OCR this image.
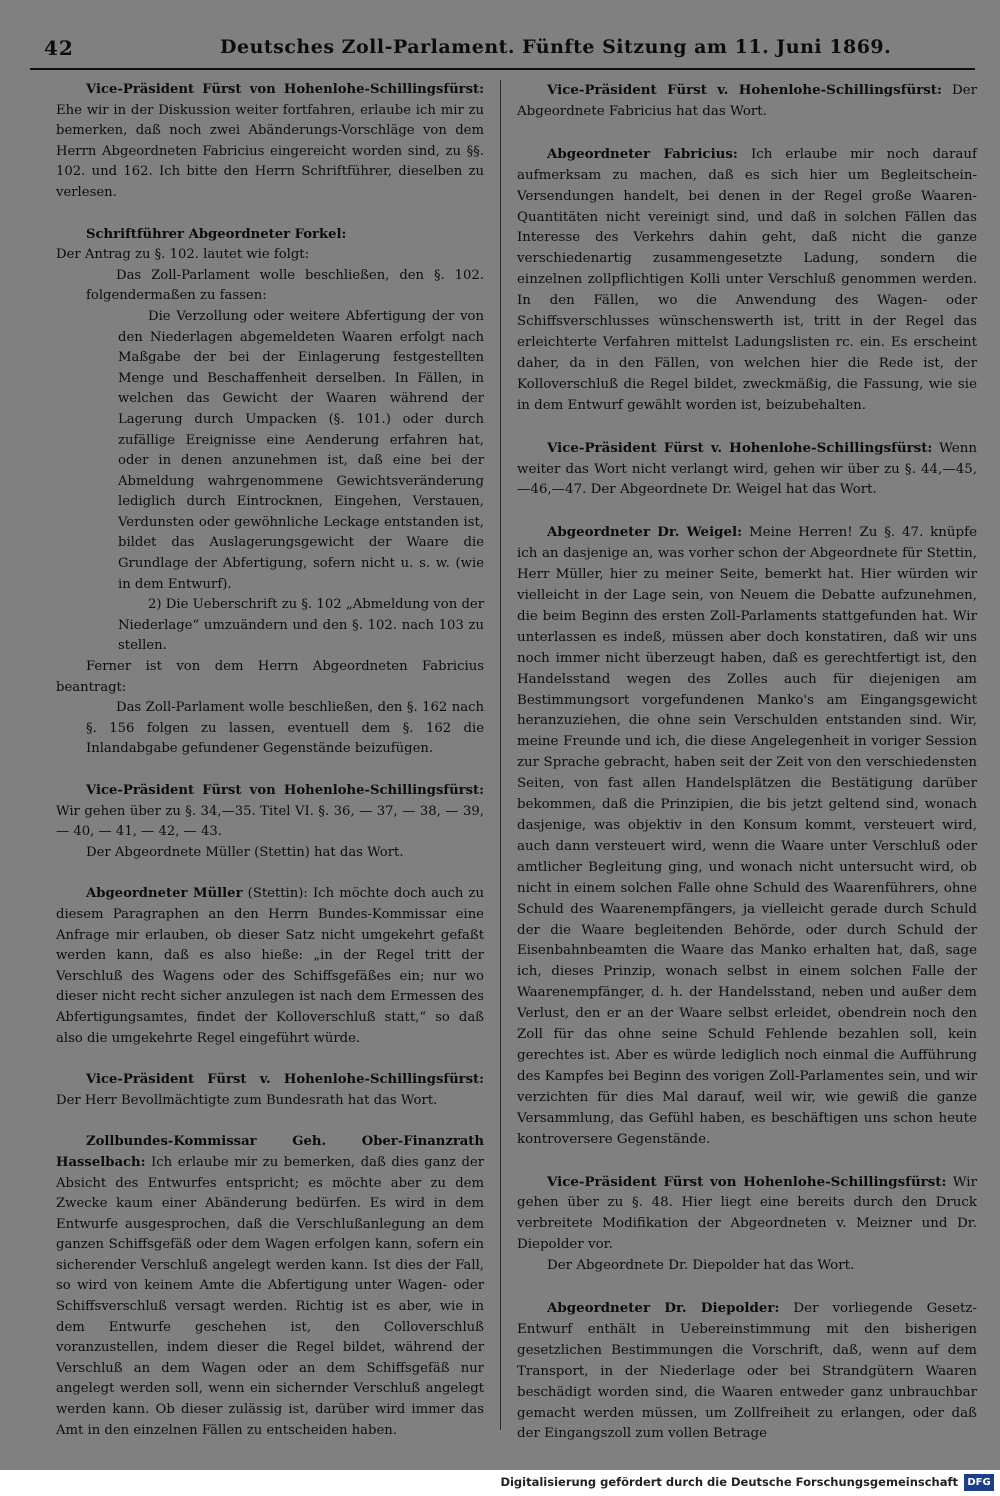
42	Deutsches Zoll-Parlament. Fünfte Sitzung am 11. Juni 1869.

Vice-Präsident Fürst von Hohenlohe-Schillingsfürst: Ehe wir in der Diskussion weiter fortfahren, erlaube ich mir zu bemerken, daß noch zwei Abänderungs-Vorschläge von dem Herrn Abgeordneten Fabricius eingereicht worden sind, zu §§. 102. und 162. Ich bitte den Herrn Schriftführer, dieselben zu verlesen.

Schriftführer Abgeordneter Forkel:

Der Antrag zu §. 102. lautet wie folgt:

Das Zoll-Parlament wolle beschließen, den §. 102. folgendermaßen zu fassen:

Die Verzollung oder weitere Abfertigung der von den Niederlagen abgemeldeten Waaren erfolgt nach Maßgabe der bei der Einlagerung festgestellten Menge und Beschaffenheit derselben. In Fällen, in welchen das Gewicht der Waaren während der Lagerung durch Umpacken (§. 101.) oder durch zufällige Ereignisse eine Aenderung erfahren hat, oder in denen anzunehmen ist, daß eine bei der Abmeldung wahrgenommene Gewichtsveränderung lediglich durch Eintrocknen, Eingehen, Verstauen, Verdunsten oder gewöhnliche Leckage entstanden ist, bildet das Auslagerungsgewicht der Waare die Grundlage der Abfertigung, sofern nicht u. s. w. (wie in dem Entwurf).

2) Die Ueberschrift zu §. 102 „Abmeldung von der Niederlage“ umzuändern und den §. 102. nach 103 zu stellen.

Ferner ist von dem Herrn Abgeordneten Fabricius beantragt:

Das Zoll-Parlament wolle beschließen, den §. 162 nach §. 156 folgen zu lassen, eventuell dem §. 162 die Inlandabgabe gefundener Gegenstände beizufügen.

Vice-Präsident Fürst von Hohenlohe-Schillingsfürst: Wir gehen über zu §. 34,—35. Titel VI. §. 36, — 37, — 38, — 39, — 40, — 41, — 42, — 43.

Der Abgeordnete Müller (Stettin) hat das Wort.

Abgeordneter Müller (Stettin): Ich möchte doch auch zu diesem Paragraphen an den Herrn Bundes-Kommissar eine Anfrage mir erlauben, ob dieser Satz nicht umgekehrt gefaßt werden kann, daß es also hieße: „in der Regel tritt der Verschluß des Wagens oder des Schiffsgefäßes ein; nur wo dieser nicht recht sicher anzulegen ist nach dem Ermessen des Abfertigungsamtes, findet der Kolloverschluß statt,“ so daß also die umgekehrte Regel eingeführt würde.

Vice-Präsident Fürst v. Hohenlohe-Schillingsfürst: Der Herr Bevollmächtigte zum Bundesrath hat das Wort.

Zollbundes-Kommissar Geh. Ober-Finanzrath Hasselbach: Ich erlaube mir zu bemerken, daß dies ganz der Absicht des Entwurfes entspricht; es möchte aber zu dem Zwecke kaum einer Abänderung bedürfen. Es wird in dem Entwurfe ausgesprochen, daß die Verschlußanlegung an dem ganzen Schiffsgefäß oder dem Wagen erfolgen kann, sofern ein sicherender Verschluß angelegt werden kann. Ist dies der Fall, so wird von keinem Amte die Abfertigung unter Wagen- oder Schiffsverschluß versagt werden. Richtig ist es aber, wie in dem Entwurfe geschehen ist, den Colloverschluß voranzustellen, indem dieser die Regel bildet, während der Verschluß an dem Wagen oder an dem Schiffsgefäß nur angelegt werden soll, wenn ein sichernder Verschluß angelegt werden kann. Ob dieser zulässig ist, darüber wird immer das Amt in den einzelnen Fällen zu entscheiden haben.

Vice-Präsident Fürst v. Hohenlohe-Schillingsfürst: Der Abgeordnete Fabricius hat das Wort.

Abgeordneter Fabricius: Ich erlaube mir noch darauf aufmerksam zu machen, daß es sich hier um Begleitschein-Versendungen handelt, bei denen in der Regel große Waaren-Quantitäten nicht vereinigt sind, und daß in solchen Fällen das Interesse des Verkehrs dahin geht, daß nicht die ganze verschiedenartig zusammengesetzte Ladung, sondern die einzelnen zollpflichtigen Kolli unter Verschluß genommen werden. In den Fällen, wo die Anwendung des Wagen- oder Schiffsverschlusses wünschenswerth ist, tritt in der Regel das erleichterte Verfahren mittelst Ladungslisten rc. ein. Es erscheint daher, da in den Fällen, von welchen hier die Rede ist, der Kolloverschluß die Regel bildet, zweckmäßig, die Fassung, wie sie in dem Entwurf gewählt worden ist, beizubehalten.

Vice-Präsident Fürst v. Hohenlohe-Schillingsfürst: Wenn weiter das Wort nicht verlangt wird, gehen wir über zu §. 44,—45,—46,—47. Der Abgeordnete Dr. Weigel hat das Wort.

Abgeordneter Dr. Weigel: Meine Herren! Zu §. 47. knüpfe ich an dasjenige an, was vorher schon der Abgeordnete für Stettin, Herr Müller, hier zu meiner Seite, bemerkt hat. Hier würden wir vielleicht in der Lage sein, von Neuem die Debatte aufzunehmen, die beim Beginn des ersten Zoll-Parlaments stattgefunden hat. Wir unterlassen es indeß, müssen aber doch konstatiren, daß wir uns noch immer nicht überzeugt haben, daß es gerechtfertigt ist, den Handelsstand wegen des Zolles auch für diejenigen am Bestimmungsort vorgefundenen Manko's am Eingangsgewicht heranzuziehen, die ohne sein Verschulden entstanden sind. Wir, meine Freunde und ich, die diese Angelegenheit in voriger Session zur Sprache gebracht, haben seit der Zeit von den verschiedensten Seiten, von fast allen Handelsplätzen die Bestätigung darüber bekommen, daß die Prinzipien, die bis jetzt geltend sind, wonach dasjenige, was objektiv in den Konsum kommt, versteuert wird, auch dann versteuert wird, wenn die Waare unter Verschluß oder amtlicher Begleitung ging, und wonach nicht untersucht wird, ob nicht in einem solchen Falle ohne Schuld des Waarenführers, ohne Schuld des Waarenempfängers, ja vielleicht gerade durch Schuld der die Waare begleitenden Behörde, oder durch Schuld der Eisenbahnbeamten die Waare das Manko erhalten hat, daß, sage ich, dieses Prinzip, wonach selbst in einem solchen Falle der Waarenempfänger, d. h. der Handelsstand, neben und außer dem Verlust, den er an der Waare selbst erleidet, obendrein noch den Zoll für das ohne seine Schuld Fehlende bezahlen soll, kein gerechtes ist. Aber es würde lediglich noch einmal die Aufführung des Kampfes bei Beginn des vorigen Zoll-Parlamentes sein, und wir verzichten für dies Mal darauf, weil wir, wie gewiß die ganze Versammlung, das Gefühl haben, es beschäftigen uns schon heute kontroversere Gegenstände.

Vice-Präsident Fürst von Hohenlohe-Schillingsfürst: Wir gehen über zu §. 48. Hier liegt eine bereits durch den Druck verbreitete Modifikation der Abgeordneten v. Meizner und Dr. Diepolder vor.

Der Abgeordnete Dr. Diepolder hat das Wort.

Abgeordneter Dr. Diepolder: Der vorliegende Gesetz-Entwurf enthält in Uebereinstimmung mit den bisherigen gesetzlichen Bestimmungen die Vorschrift, daß, wenn auf dem Transport, in der Niederlage oder bei Strandgütern Waaren beschädigt worden sind, die Waaren entweder ganz unbrauchbar gemacht werden müssen, um Zollfreiheit zu erlangen, oder daß der Eingangszoll zum vollen Betrage

Digitalisierung gefördert durch die Deutsche Forschungsgemeinschaft DFG
